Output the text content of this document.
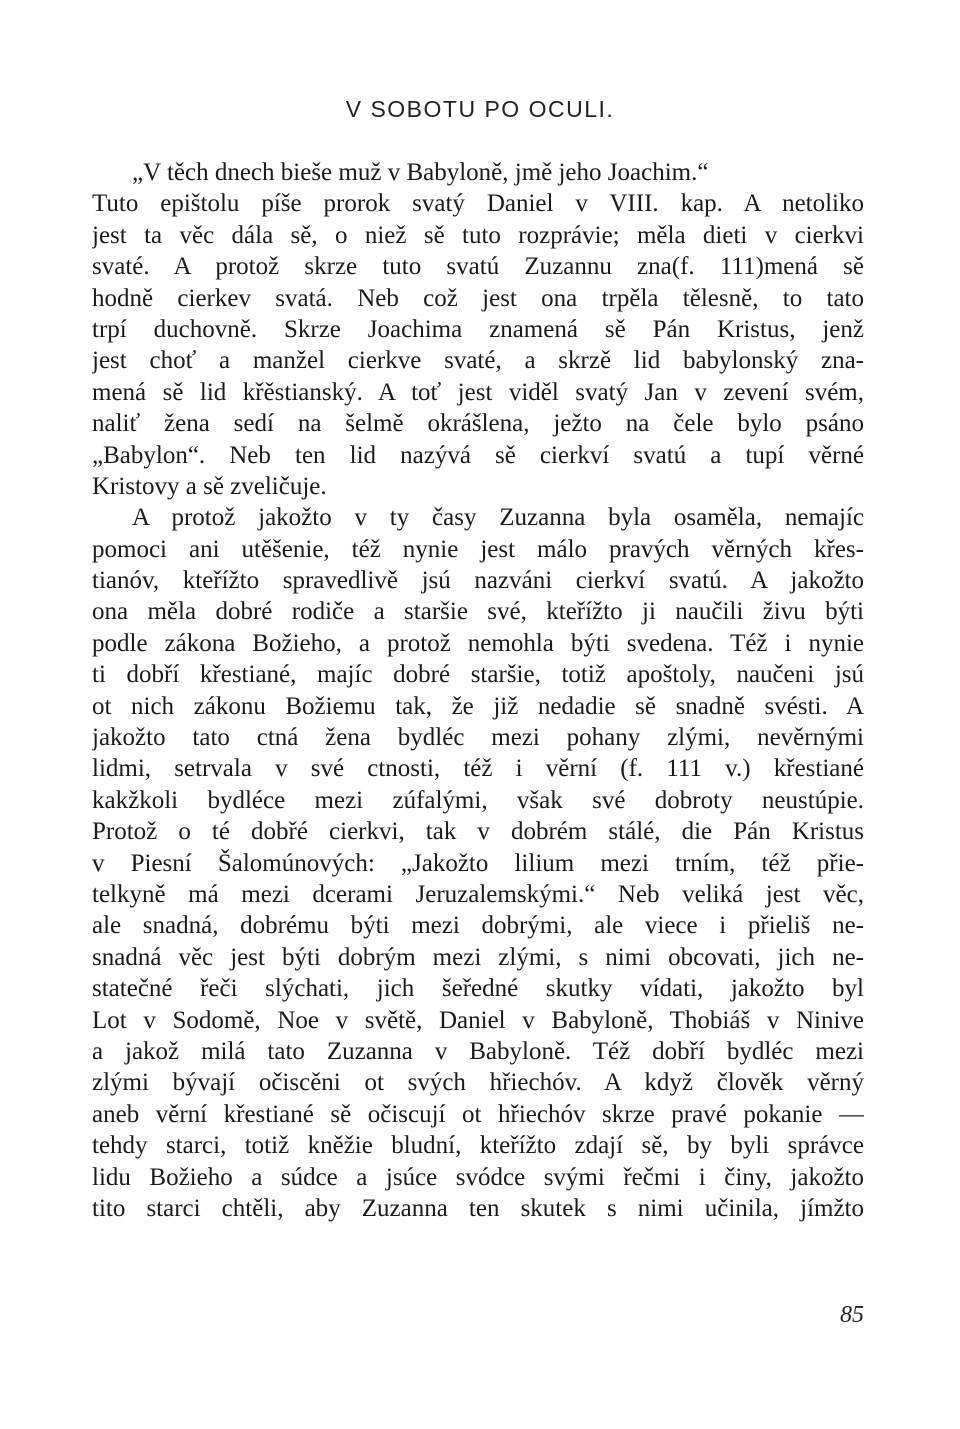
V SOBOTU PO OCULI.
„V těch dnech bieše muž v Babyloně, jmě jeho Joachim.“
Tuto epištolu píše prorok svatý Daniel v VIII. kap. A netoliko
jest ta věc dála sě, o niež sě tuto rozprávie; měla dieti v cierkvi
svaté. A protož skrze tuto svatú Zuzannu zna(f. 111)mená sě
hodně cierkev svatá. Neb což jest ona trpěla tělesně, to tato
trpí duchovně. Skrze Joachima znamená sě Pán Kristus, jenž
jest choť a manžel cierkve svaté, a skrzě lid babylonský zna-
mená sě lid křěstianský. A toť jest viděl svatý Jan v zevení svém,
naliť žena sedí na šelmě okrášlena, ježto na čele bylo psáno
„Babylon“. Neb ten lid nazývá sě cierkví svatú a tupí věrné
Kristovy a sě zveličuje.
A protož jakožto v ty časy Zuzanna byla osaměla, nemajíc
pomoci ani utěšenie, též nynie jest málo pravých věrných křes-
tianóv, kteřížto spravedlivě jsú nazváni cierkví svatú. A jakožto
ona měla dobré rodiče a staršie své, kteřížto ji naučili živu býti
podle zákona Božieho, a protož nemohla býti svedena. Též i nynie
ti dobří křestiané, majíc dobré staršie, totiž apoštoly, naučeni jsú
ot nich zákonu Božiemu tak, že již nedadie sě snadně svésti. A
jakožto tato ctná žena bydléc mezi pohany zlými, nevěrnými
lidmi, setrvala v své ctnosti, též i věrní (f. 111 v.) křestiané
kakžkoli bydléce mezi zúfalými, však své dobroty neustúpie.
Protož o té dobřé cierkvi, tak v dobrém stálé, die Pán Kristus
v Piesní Šalomúnových: „Jakožto lilium mezi trním, též přie-
telkyně má mezi dcerami Jeruzalemskými.“ Neb veliká jest věc,
ale snadná, dobrému býti mezi dobrými, ale viece i přieliš ne-
snadná věc jest býti dobrým mezi zlými, s nimi obcovati, jich ne-
statečné řeči slýchati, jich šeředné skutky vídati, jakožto byl
Lot v Sodomě, Noe v světě, Daniel v Babyloně, Thobiáš v Ninive
a jakož milá tato Zuzanna v Babyloně. Též dobří bydléc mezi
zlými bývají očiscěni ot svých hřiechóv. A když člověk věrný
aneb věrní křestiané sě očiscují ot hřiechóv skrze pravé pokanie —
tehdy starci, totiž kněžie bludní, kteřížto zdají sě, by byli správce
lidu Božieho a súdce a jsúce svódce svými řečmi i činy, jakožto
tito starci chtěli, aby Zuzanna ten skutek s nimi učinila, jímžto
85
